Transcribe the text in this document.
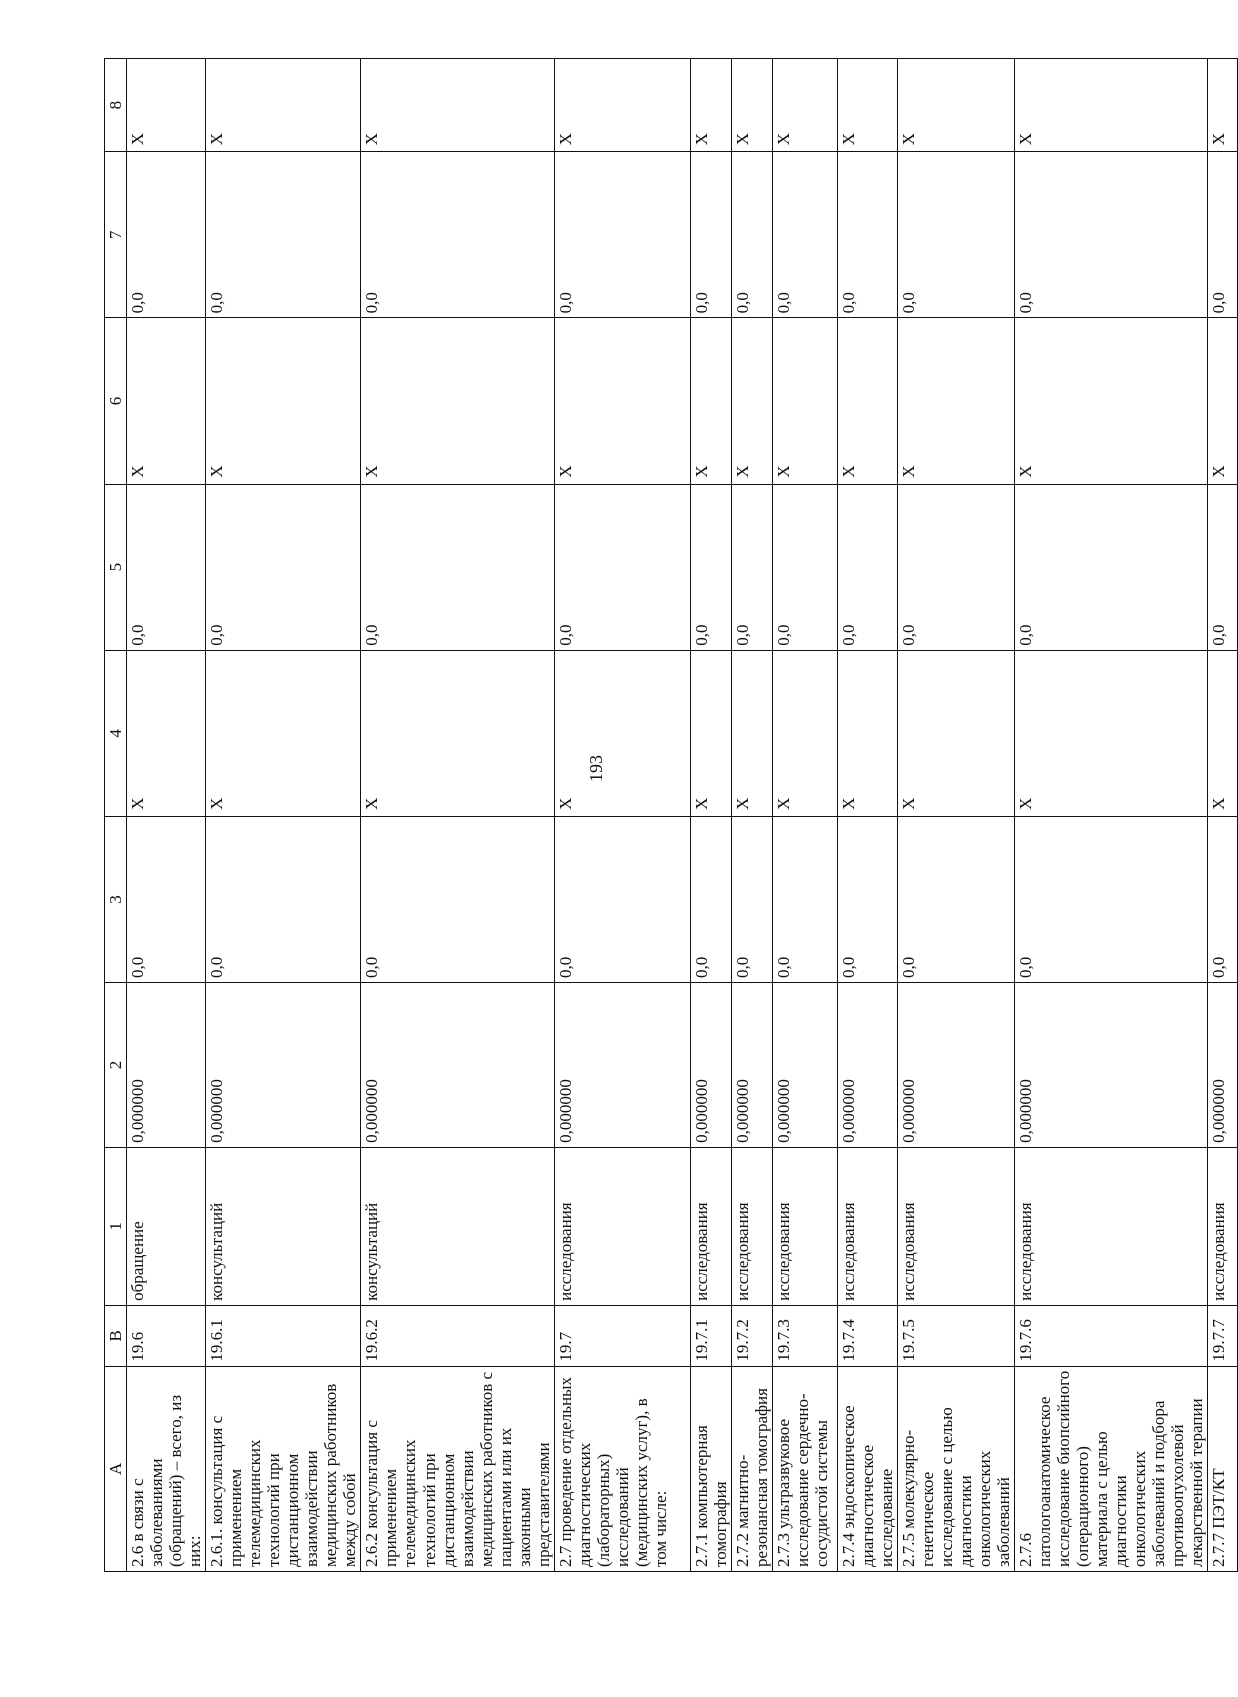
193
А	В	1	2	3	4	5	6	7	8
2.6 в связи с заболеваниями (обращений) – всего, из них:	19.6	обращение	0,000000	0,0	X	0,0	X	0,0	X
2.6.1. консультация с применением телемедицинских технологий при дистанционном взаимодействии медицинских работников между собой	19.6.1	консультаций	0,000000	0,0	X	0,0	X	0,0	X
2.6.2 консультация с применением телемедицинских технологий при дистанционном взаимодействии медицинских работников с пациентами или их законными представителями	19.6.2	консультаций	0,000000	0,0	X	0,0	X	0,0	X
2.7 проведение отдельных диагностических (лабораторных) исследований (медицинских услуг), в том числе:	19.7	исследования	0,000000	0,0	X	0,0	X	0,0	X
2.7.1 компьютерная томография	19.7.1	исследования	0,000000	0,0	X	0,0	X	0,0	X
2.7.2 магнитно-резонансная томография	19.7.2	исследования	0,000000	0,0	X	0,0	X	0,0	X
2.7.3 ультразвуковое исследование сердечно-сосудистой системы	19.7.3	исследования	0,000000	0,0	X	0,0	X	0,0	X
2.7.4 эндоскопическое диагностическое исследование	19.7.4	исследования	0,000000	0,0	X	0,0	X	0,0	X
2.7.5 молекулярно-генетическое исследование с целью диагностики онкологических заболеваний	19.7.5	исследования	0,000000	0,0	X	0,0	X	0,0	X
2.7.6 патологоанатомическое исследование биопсийного (операционного) материала с целью диагностики онкологических заболеваний и подбора противоопухолевой лекарственной терапии	19.7.6	исследования	0,000000	0,0	X	0,0	X	0,0	X
2.7.7 ПЭТ/КТ	19.7.7	исследования	0,000000	0,0	X	0,0	X	0,0	X
